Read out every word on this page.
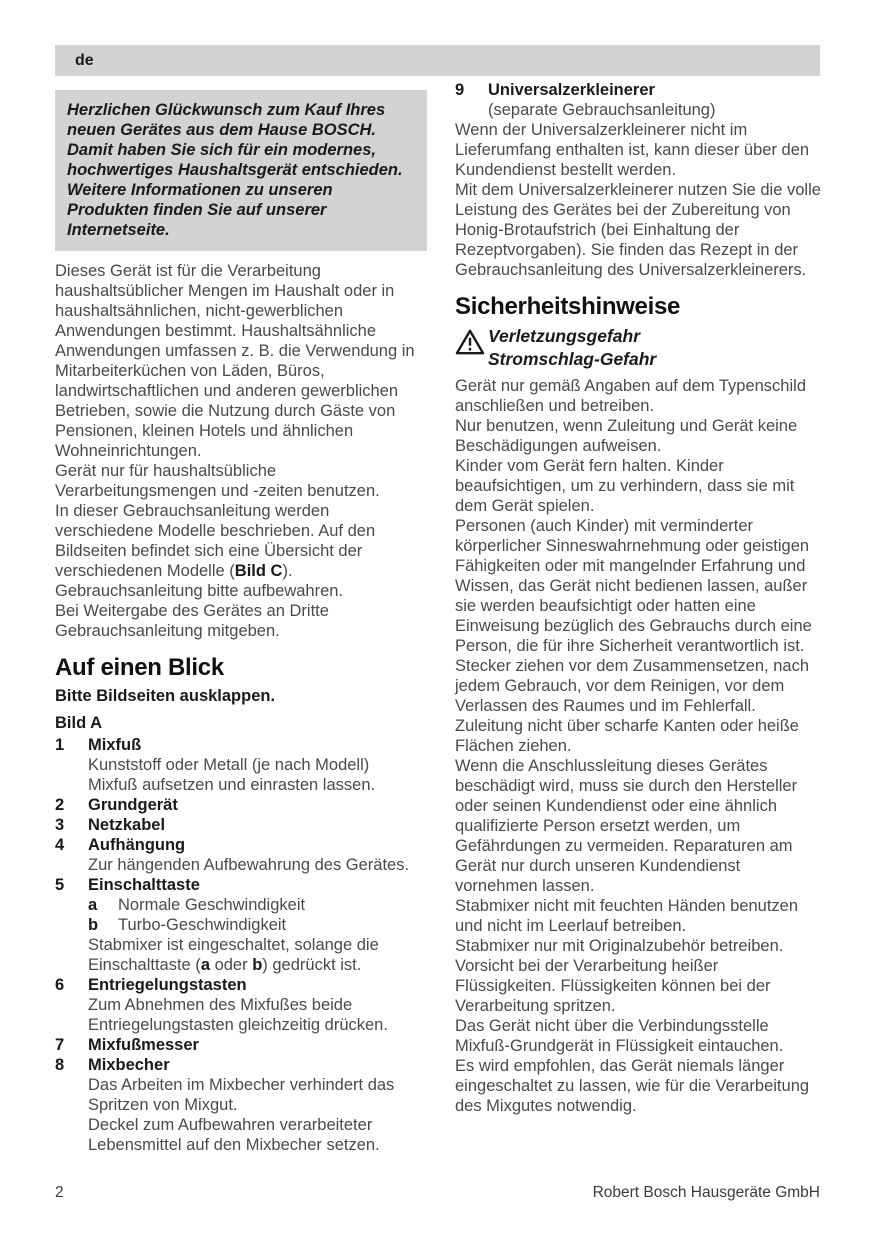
de
Herzlichen Glückwunsch zum Kauf Ihres neuen Gerätes aus dem Hause BOSCH. Damit haben Sie sich für ein modernes, hochwertiges Haushaltsgerät entschieden. Weitere Informationen zu unseren Produkten finden Sie auf unserer Internetseite.

Dieses Gerät ist für die Verarbeitung haushaltsüblicher Mengen im Haushalt oder in haushaltsähnlichen, nicht-gewerblichen Anwendungen bestimmt. Haushaltsähnliche Anwendungen umfassen z. B. die Verwendung in Mitarbeiterküchen von Läden, Büros, landwirtschaftlichen und anderen gewerblichen Betrieben, sowie die Nutzung durch Gäste von Pensionen, kleinen Hotels und ähnlichen Wohneinrichtungen.

Gerät nur für haushaltsübliche Verarbeitungsmengen und -zeiten benutzen.

In dieser Gebrauchsanleitung werden verschiedene Modelle beschrieben. Auf den Bildseiten befindet sich eine Übersicht der verschiedenen Modelle (Bild C).

Gebrauchsanleitung bitte aufbewahren.

Bei Weitergabe des Gerätes an Dritte Gebrauchsanleitung mitgeben.

Auf einen Blick
Bitte Bildseiten ausklappen.
Bild A
1	Mixfuß
Kunststoff oder Metall (je nach Modell)
Mixfuß aufsetzen und einrasten lassen.
2	Grundgerät
3	Netzkabel
4	Aufhängung
Zur hängenden Aufbewahrung des Gerätes.
5	Einschalttaste
a	Normale Geschwindigkeit
b	Turbo-Geschwindigkeit
Stabmixer ist eingeschaltet, solange die Einschalttaste (a oder b) gedrückt ist.
6	Entriegelungstasten
Zum Abnehmen des Mixfußes beide Entriegelungstasten gleichzeitig drücken.
7	Mixfußmesser
8	Mixbecher
Das Arbeiten im Mixbecher verhindert das Spritzen von Mixgut.
Deckel zum Aufbewahren verarbeiteter Lebensmittel auf den Mixbecher setzen.
9	Universalzerkleinerer
(separate Gebrauchsanleitung)

Wenn der Universalzerkleinerer nicht im Lieferumfang enthalten ist, kann dieser über den Kundendienst bestellt werden.

Mit dem Universalzerkleinerer nutzen Sie die volle Leistung des Gerätes bei der Zubereitung von Honig-Brotaufstrich (bei Einhaltung der Rezeptvorgaben). Sie finden das Rezept in der Gebrauchsanleitung des Universalzerkleinerers.

Sicherheitshinweise
Verletzungsgefahr
Stromschlag-Gefahr

Gerät nur gemäß Angaben auf dem Typenschild anschließen und betreiben.

Nur benutzen, wenn Zuleitung und Gerät keine Beschädigungen aufweisen.

Kinder vom Gerät fern halten. Kinder beaufsichtigen, um zu verhindern, dass sie mit dem Gerät spielen.

Personen (auch Kinder) mit verminderter körperlicher Sinneswahrnehmung oder geistigen Fähigkeiten oder mit mangelnder Erfahrung und Wissen, das Gerät nicht bedienen lassen, außer sie werden beaufsichtigt oder hatten eine Einweisung bezüglich des Gebrauchs durch eine Person, die für ihre Sicherheit verantwortlich ist.

Stecker ziehen vor dem Zusammensetzen, nach jedem Gebrauch, vor dem Reinigen, vor dem Verlassen des Raumes und im Fehlerfall.

Zuleitung nicht über scharfe Kanten oder heiße Flächen ziehen.

Wenn die Anschlussleitung dieses Gerätes beschädigt wird, muss sie durch den Hersteller oder seinen Kundendienst oder eine ähnlich qualifizierte Person ersetzt werden, um Gefährdungen zu vermeiden. Reparaturen am Gerät nur durch unseren Kundendienst vornehmen lassen.

Stabmixer nicht mit feuchten Händen benutzen und nicht im Leerlauf betreiben.

Stabmixer nur mit Originalzubehör betreiben.

Vorsicht bei der Verarbeitung heißer Flüssigkeiten. Flüssigkeiten können bei der Verarbeitung spritzen.

Das Gerät nicht über die Verbindungsstelle Mixfuß-Grundgerät in Flüssigkeit eintauchen.

Es wird empfohlen, das Gerät niemals länger eingeschaltet zu lassen, wie für die Verarbeitung des Mixgutes notwendig.

2	Robert Bosch Hausgeräte GmbH
